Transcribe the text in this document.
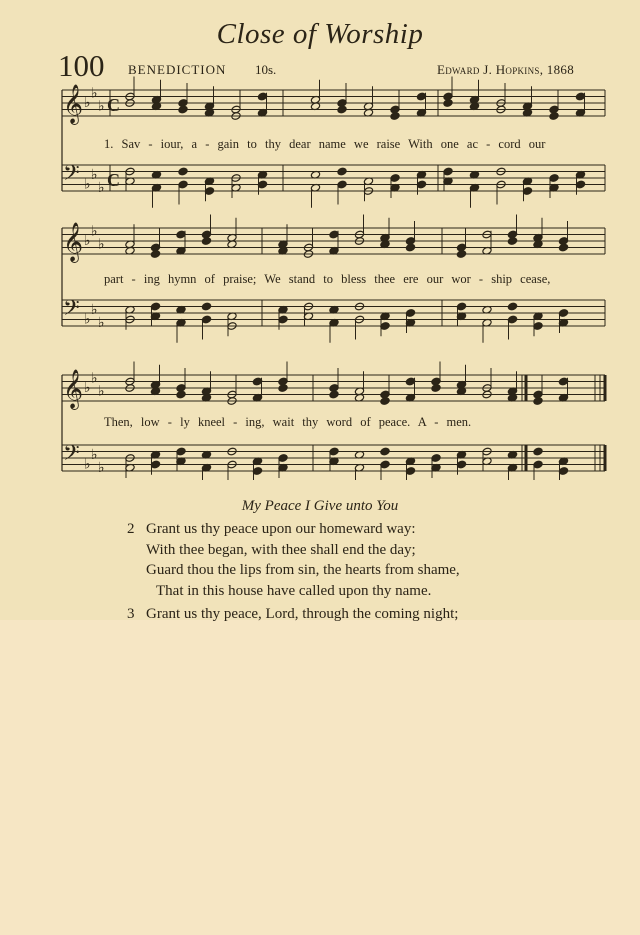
Close of Worship
100 BENEDICTION 10s.	Edward J. Hopkins, 1868
𝄞 ♭
♭
♭
𝄢 ♭
♭
♭
C
C
𝄞 ♭
♭
♭
𝄢 ♭
♭
♭
𝄞 ♭
♭
♭
𝄢 ♭
♭
♭
1. Sav - iour, a - gain to thy dear name we raise With one ac - cord our
part - ing hymn of praise; We stand to bless thee ere our wor - ship cease,
Then, low - ly kneel - ing, wait thy word of peace. A - men.
My Peace I Give unto You
2 Grant us thy peace upon our homeward way:
With thee began, with thee shall end the day;
Guard thou the lips from sin, the hearts from shame,
That in this house have called upon thy name.
3 Grant us thy peace, Lord, through the coming night;
